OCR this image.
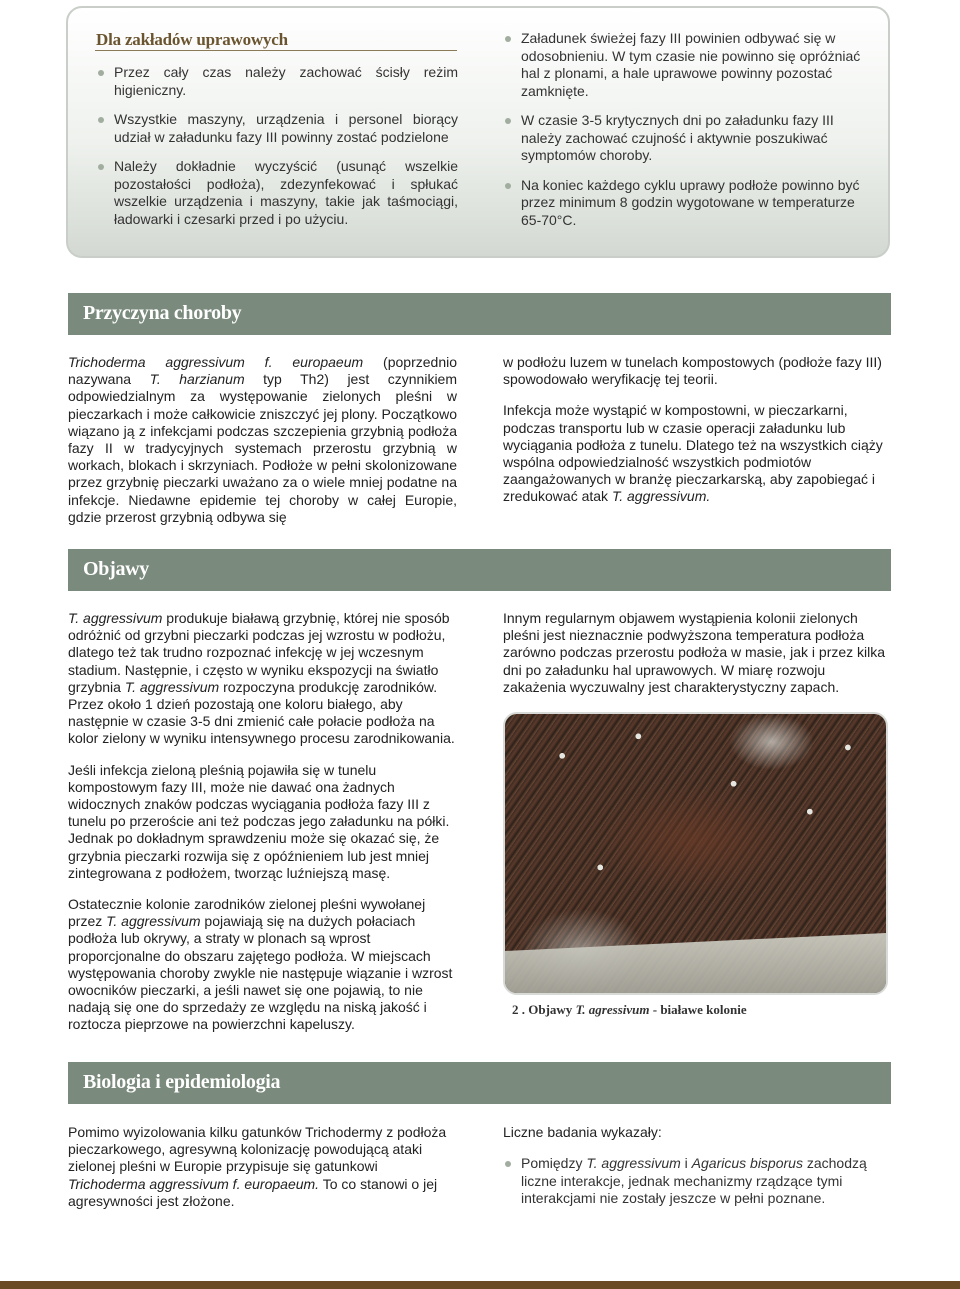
Dla zakładów uprawowych
Przez cały czas należy zachować ścisły reżim higieniczny.
Wszystkie maszyny, urządzenia i personel biorący udział w załadunku fazy III powinny zostać podzielone
Należy dokładnie wyczyścić (usunąć wszelkie pozostałości podłoża), zdezynfekować i spłukać wszelkie urządzenia i maszyny, takie jak taśmociągi, ładowarki i czesarki przed i po użyciu.
Załadunek świeżej fazy III powinien odbywać się w odosobnieniu. W tym czasie nie powinno się opróżniać hal z plonami, a hale uprawowe powinny pozostać zamknięte.
W czasie 3-5 krytycznych dni po załadunku fazy III należy zachować czujność i aktywnie poszukiwać symptomów choroby.
Na koniec każdego cyklu uprawy podłoże powinno być przez minimum 8 godzin wygotowane w temperaturze 65-70°C.
Przyczyna choroby

Trichoderma aggressivum f. europaeum (poprzednio nazywana T. harzianum typ Th2) jest czynnikiem odpowiedzialnym za występowanie zielonych pleśni w pieczarkach i może całkowicie zniszczyć jej plony. Początkowo wiązano ją z infekcjami podczas szczepienia grzybnią podłoża fazy II w tradycyjnych systemach przerostu grzybnią w workach, blokach i skrzyniach. Podłoże w pełni skolonizowane przez grzybnię pieczarki uważano za o wiele mniej podatne na infekcje. Niedawne epidemie tej choroby w całej Europie, gdzie przerost grzybnią odbywa się

w podłożu luzem w tunelach kompostowych (podłoże fazy III) spowodowało weryfikację tej teorii.

Infekcja może wystąpić w kompostowni, w pieczarkarni, podczas transportu lub w czasie operacji załadunku lub wyciągania podłoża z tunelu. Dlatego też na wszystkich ciąży wspólna odpowiedzialność wszystkich podmiotów zaangażowanych w branżę pieczarkarską, aby zapobiegać i zredukować atak T. aggressivum.

Objawy

T. aggressivum produkuje białawą grzybnię, której nie sposób odróżnić od grzybni pieczarki podczas jej wzrostu w podłożu, dlatego też tak trudno rozpoznać infekcję w jej wczesnym stadium. Następnie, i często w wyniku ekspozycji na światło grzybnia T. aggressivum rozpoczyna produkcję zarodników. Przez około 1 dzień pozostają one koloru białego, aby następnie w czasie 3-5 dni zmienić całe połacie podłoża na kolor zielony w wyniku intensywnego procesu zarodnikowania.

Jeśli infekcja zieloną pleśnią pojawiła się w tunelu kompostowym fazy III, może nie dawać ona żadnych widocznych znaków podczas wyciągania podłoża fazy III z tunelu po przeroście ani też podczas jego załadunku na półki. Jednak po dokładnym sprawdzeniu może się okazać się, że grzybnia pieczarki rozwija się z opóźnieniem lub jest mniej zintegrowana z podłożem, tworząc luźniejszą masę.

Ostatecznie kolonie zarodników zielonej pleśni wywołanej przez T. aggressivum pojawiają się na dużych połaciach podłoża lub okrywy, a straty w plonach są wprost proporcjonalne do obszaru zajętego podłoża. W miejscach występowania choroby zwykle nie następuje wiązanie i wzrost owocników pieczarki, a jeśli nawet się one pojawią, to nie nadają się one do sprzedaży ze względu na niską jakość i roztocza pieprzowe na powierzchni kapeluszy.

Innym regularnym objawem wystąpienia kolonii zielonych pleśni jest nieznacznie podwyższona temperatura podłoża zarówno podczas przerostu podłoża w masie, jak i przez kilka dni po załadunku hal uprawowych. W miarę rozwoju zakażenia wyczuwalny jest charakterystyczny zapach.

2 . Objawy T. agressivum - białawe kolonie
Biologia i epidemiologia

Pomimo wyizolowania kilku gatunków Trichodermy z podłoża pieczarkowego, agresywną kolonizację powodującą ataki zielonej pleśni w Europie przypisuje się gatunkowi Trichoderma aggressivum f. europaeum. To co stanowi o jej agresywności jest złożone.

Liczne badania wykazały:

Pomiędzy T. aggressivum i Agaricus bisporus zachodzą liczne interakcje, jednak mechanizmy rządzące tymi interakcjami nie zostały jeszcze w pełni poznane.
